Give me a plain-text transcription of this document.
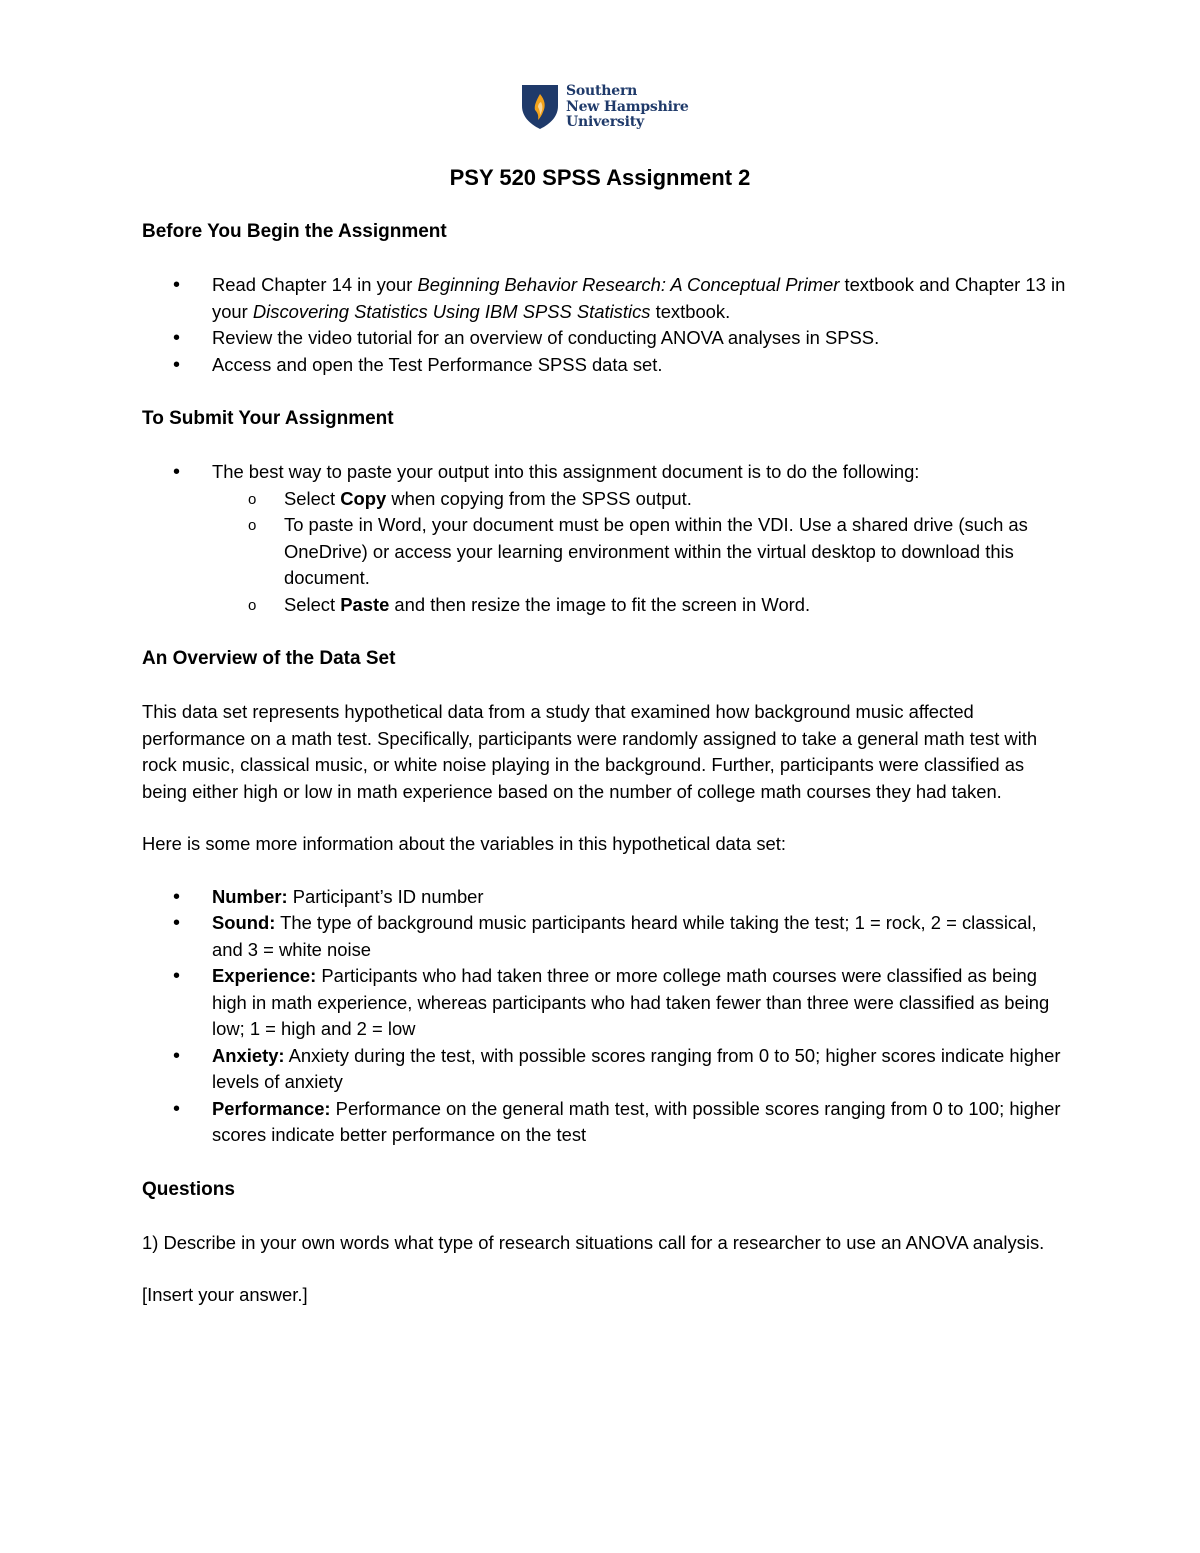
Southern
New Hampshire
University
PSY 520 SPSS Assignment 2
Before You Begin the Assignment
• Read Chapter 14 in your Beginning Behavior Research: A Conceptual Primer textbook and Chapter 13 in your Discovering Statistics Using IBM SPSS Statistics textbook.
• Review the video tutorial for an overview of conducting ANOVA analyses in SPSS.
• Access and open the Test Performance SPSS data set.
To Submit Your Assignment
• The best way to paste your output into this assignment document is to do the following:
o Select Copy when copying from the SPSS output.
o To paste in Word, your document must be open within the VDI. Use a shared drive (such as OneDrive) or access your learning environment within the virtual desktop to download this document.
o Select Paste and then resize the image to fit the screen in Word.
An Overview of the Data Set

This data set represents hypothetical data from a study that examined how background music affected performance on a math test. Specifically, participants were randomly assigned to take a general math test with rock music, classical music, or white noise playing in the background. Further, participants were classified as being either high or low in math experience based on the number of college math courses they had taken.

Here is some more information about the variables in this hypothetical data set:

• Number: Participant’s ID number
• Sound: The type of background music participants heard while taking the test; 1 = rock, 2 = classical, and 3 = white noise
• Experience: Participants who had taken three or more college math courses were classified as being high in math experience, whereas participants who had taken fewer than three were classified as being low; 1 = high and 2 = low
• Anxiety: Anxiety during the test, with possible scores ranging from 0 to 50; higher scores indicate higher levels of anxiety
• Performance: Performance on the general math test, with possible scores ranging from 0 to 100; higher scores indicate better performance on the test
Questions

1) Describe in your own words what type of research situations call for a researcher to use an ANOVA analysis.

[Insert your answer.]
